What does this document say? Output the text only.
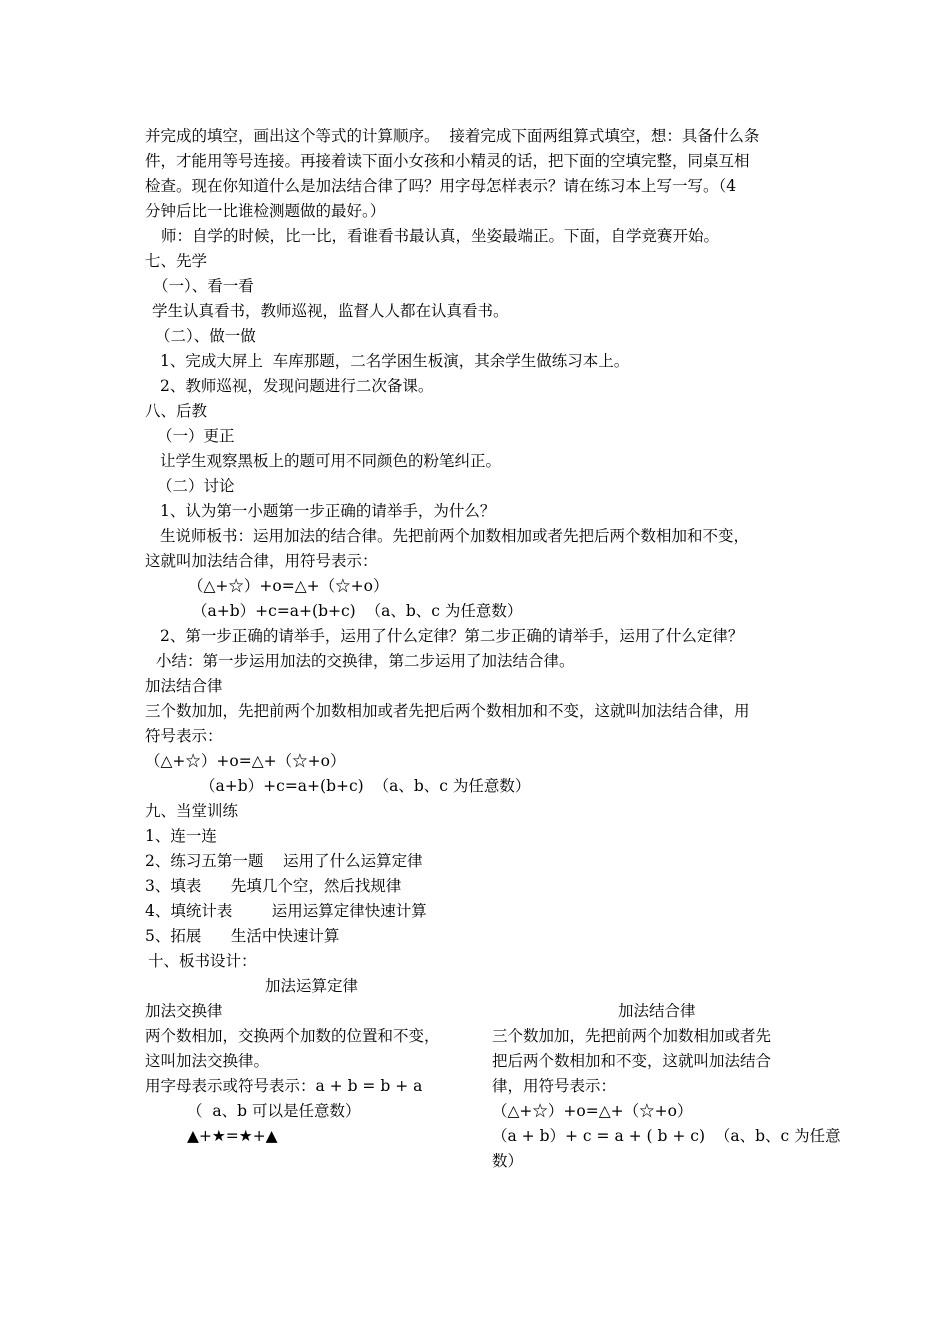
并完成的填空，画出这个等式的计算顺序。  接着完成下面两组算式填空，想：具备什么条
件，才能用等号连接。再接着读下面小女孩和小精灵的话，把下面的空填完整，同桌互相
检查。现在你知道什么是加法结合律了吗？用字母怎样表示？请在练习本上写一写。（4
分钟后比一比谁检测题做的最好。）
师：自学的时候，比一比，看谁看书最认真，坐姿最端正。下面，自学竞赛开始。
七、先学
（一）、看一看
学生认真看书，教师巡视，监督人人都在认真看书。
（二）、做一做
1、完成大屏上  车库那题，二名学困生板演，其余学生做练习本上。
2、教师巡视，发现问题进行二次备课。
八、后教
（一）更正
让学生观察黑板上的题可用不同颜色的粉笔纠正。
（二）讨论
1、认为第一小题第一步正确的请举手，为什么？
生说师板书：运用加法的结合律。先把前两个加数相加或者先把后两个数相加和不变，
这就叫加法结合律，用符号表示：
（△+☆）+o=△+（☆+o）
（a+b）+c=a+(b+c)  （a、b、c 为任意数）
2、第一步正确的请举手，运用了什么定律？第二步正确的请举手，运用了什么定律？
小结：第一步运用加法的交换律，第二步运用了加法结合律。
加法结合律
三个数加加，先把前两个加数相加或者先把后两个数相加和不变，这就叫加法结合律，用
符号表示：
（△+☆）+o=△+（☆+o）
（a+b）+c=a+(b+c)  （a、b、c 为任意数）
九、当堂训练
1、连一连
2、练习五第一题    运用了什么运算定律
3、填表      先填几个空，然后找规律
4、填统计表        运用运算定律快速计算
5、拓展      生活中快速计算
十、板书设计：
加法运算定律
加法交换律
两个数相加，交换两个加数的位置和不变，
这叫加法交换律。
用字母表示或符号表示：a + b = b + a
（  a、b 可以是任意数）
▲+★=★+▲
加法结合律
三个数加加，先把前两个加数相加或者先
把后两个数相加和不变，这就叫加法结合
律，用符号表示：
（△+☆）+o=△+（☆+o）
（a + b）+ c = a + ( b + c)  （a、b、c 为任意
数）
